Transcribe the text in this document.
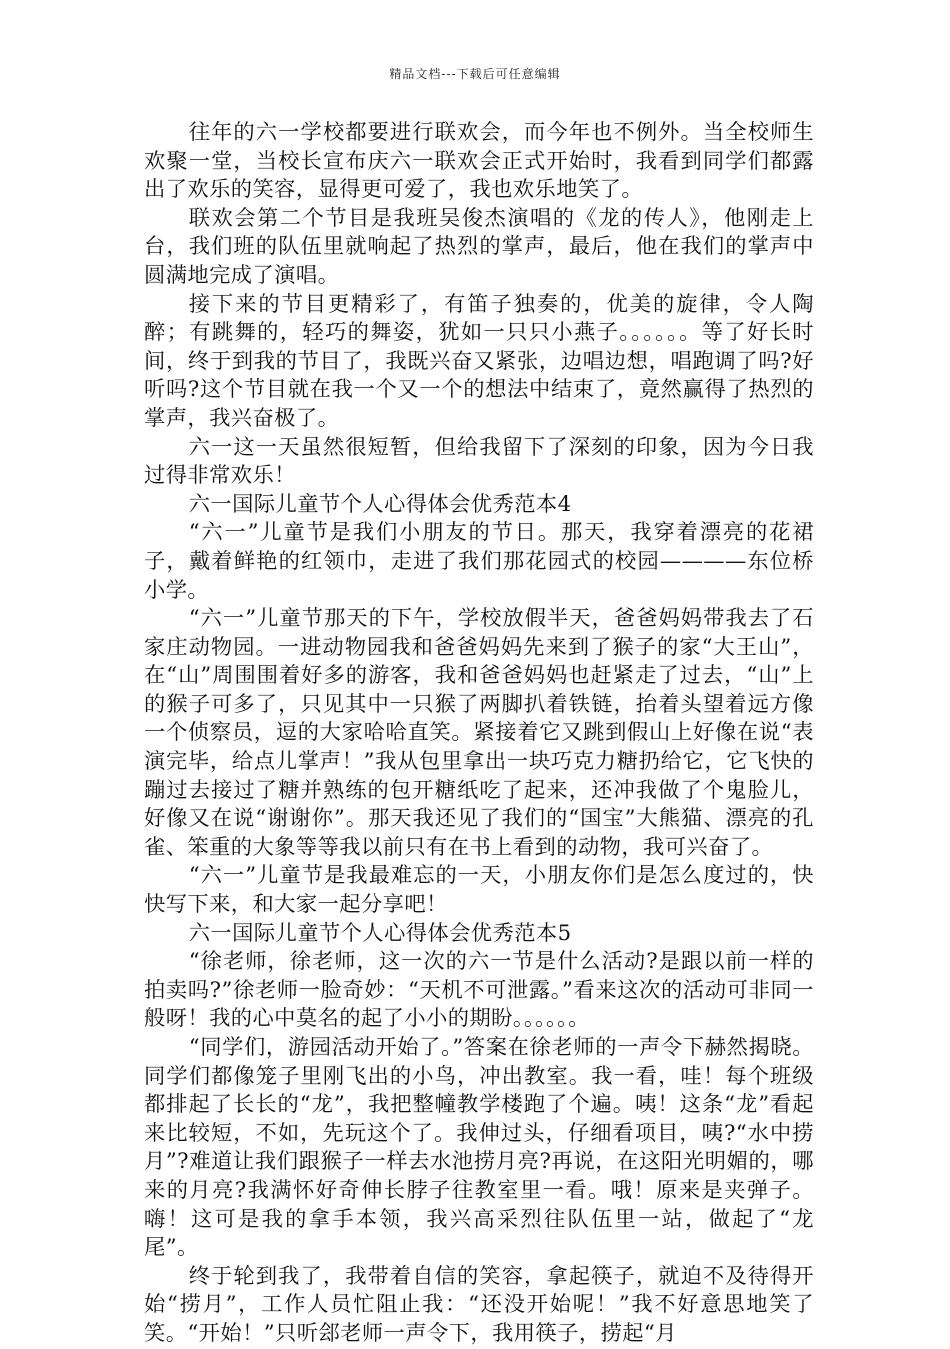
精品文档---下载后可任意编辑

往年的六一学校都要进行联欢会，而今年也不例外。当全校师生欢聚一堂，当校长宣布庆六一联欢会正式开始时，我看到同学们都露出了欢乐的笑容，显得更可爱了，我也欢乐地笑了。

联欢会第二个节目是我班吴俊杰演唱的《龙的传人》，他刚走上台，我们班的队伍里就响起了热烈的掌声，最后，他在我们的掌声中圆满地完成了演唱。

接下来的节目更精彩了，有笛子独奏的，优美的旋律，令人陶醉；有跳舞的，轻巧的舞姿，犹如一只只小燕子。。。。。。等了好长时间，终于到我的节目了，我既兴奋又紧张，边唱边想，唱跑调了吗?好听吗?这个节目就在我一个又一个的想法中结束了，竟然赢得了热烈的掌声，我兴奋极了。

六一这一天虽然很短暂，但给我留下了深刻的印象，因为今日我过得非常欢乐！

六一国际儿童节个人心得体会优秀范本4

“六一”儿童节是我们小朋友的节日。那天，我穿着漂亮的花裙子，戴着鲜艳的红领巾，走进了我们那花园式的校园————东位桥小学。

“六一”儿童节那天的下午，学校放假半天，爸爸妈妈带我去了石家庄动物园。一进动物园我和爸爸妈妈先来到了猴子的家“大王山”，在“山”周围围着好多的游客，我和爸爸妈妈也赶紧走了过去，“山”上的猴子可多了，只见其中一只猴了两脚扒着铁链，抬着头望着远方像一个侦察员，逗的大家哈哈直笑。紧接着它又跳到假山上好像在说“表演完毕，给点儿掌声！”我从包里拿出一块巧克力糖扔给它，它飞快的蹦过去接过了糖并熟练的包开糖纸吃了起来，还冲我做了个鬼脸儿，好像又在说“谢谢你”。那天我还见了我们的“国宝”大熊猫、漂亮的孔雀、笨重的大象等等我以前只有在书上看到的动物，我可兴奋了。

“六一”儿童节是我最难忘的一天，小朋友你们是怎么度过的，快快写下来，和大家一起分享吧！

六一国际儿童节个人心得体会优秀范本5

“徐老师，徐老师，这一次的六一节是什么活动?是跟以前一样的拍卖吗?”徐老师一脸奇妙：“天机不可泄露。”看来这次的活动可非同一般呀！我的心中莫名的起了小小的期盼。。。。。。

“同学们，游园活动开始了。”答案在徐老师的一声令下赫然揭晓。同学们都像笼子里刚飞出的小鸟，冲出教室。我一看，哇！每个班级都排起了长长的“龙”，我把整幢教学楼跑了个遍。咦！这条“龙”看起来比较短，不如，先玩这个了。我伸过头，仔细看项目，咦?“水中捞月”?难道让我们跟猴子一样去水池捞月亮?再说，在这阳光明媚的，哪来的月亮?我满怀好奇伸长脖子往教室里一看。哦！原来是夹弹子。嗨！这可是我的拿手本领，我兴高采烈往队伍里一站，做起了“龙尾”。

终于轮到我了，我带着自信的笑容，拿起筷子，就迫不及待得开始“捞月”，工作人员忙阻止我：“还没开始呢！”我不好意思地笑了笑。“开始！”只听郐老师一声令下，我用筷子，捞起“月
